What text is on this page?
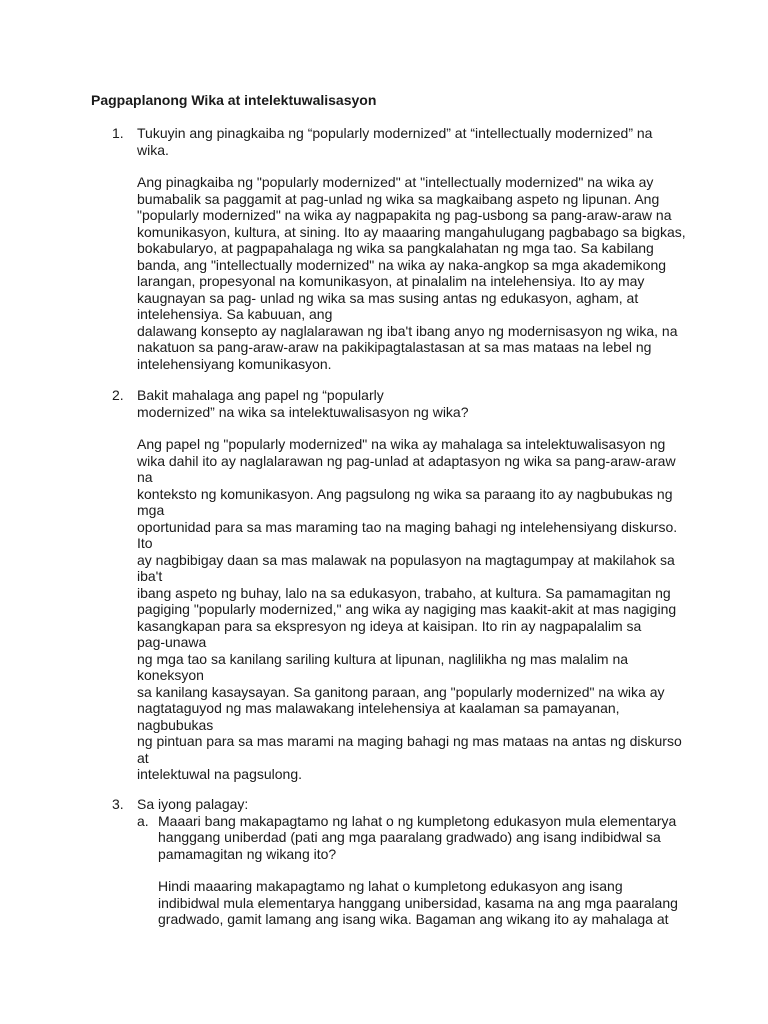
Pagpaplanong Wika at intelektuwalisasyon
1. Tukuyin ang pinagkaiba ng “popularly modernized” at “intellectually modernized” na
wika.
Ang pinagkaiba ng "popularly modernized" at "intellectually modernized" na wika ay
bumabalik sa paggamit at pag-unlad ng wika sa magkaibang aspeto ng lipunan. Ang
"popularly modernized" na wika ay nagpapakita ng pag-usbong sa pang-araw-araw na
komunikasyon, kultura, at sining. Ito ay maaaring mangahulugang pagbabago sa bigkas,
bokabularyo, at pagpapahalaga ng wika sa pangkalahatan ng mga tao. Sa kabilang
banda, ang "intellectually modernized" na wika ay naka-angkop sa mga akademikong
larangan, propesyonal na komunikasyon, at pinalalim na intelehensiya. Ito ay may
kaugnayan sa pag- unlad ng wika sa mas susing antas ng edukasyon, agham, at
intelehensiya. Sa kabuuan, ang
dalawang konsepto ay naglalarawan ng iba't ibang anyo ng modernisasyon ng wika, na
nakatuon sa pang-araw-araw na pakikipagtalastasan at sa mas mataas na lebel ng
intelehensiyang komunikasyon.
2. Bakit mahalaga ang papel ng “popularly
modernized” na wika sa intelektuwalisasyon ng wika?
Ang papel ng "popularly modernized" na wika ay mahalaga sa intelektuwalisasyon ng
wika dahil ito ay naglalarawan ng pag-unlad at adaptasyon ng wika sa pang-araw-araw
na
konteksto ng komunikasyon. Ang pagsulong ng wika sa paraang ito ay nagbubukas ng
mga
oportunidad para sa mas maraming tao na maging bahagi ng intelehensiyang diskurso.
Ito
ay nagbibigay daan sa mas malawak na populasyon na magtagumpay at makilahok sa
iba't
ibang aspeto ng buhay, lalo na sa edukasyon, trabaho, at kultura. Sa pamamagitan ng
pagiging "popularly modernized," ang wika ay nagiging mas kaakit-akit at mas nagiging
kasangkapan para sa ekspresyon ng ideya at kaisipan. Ito rin ay nagpapalalim sa
pag-unawa
ng mga tao sa kanilang sariling kultura at lipunan, naglilikha ng mas malalim na
koneksyon
sa kanilang kasaysayan. Sa ganitong paraan, ang "popularly modernized" na wika ay
nagtataguyod ng mas malawakang intelehensiya at kaalaman sa pamayanan,
nagbubukas
ng pintuan para sa mas marami na maging bahagi ng mas mataas na antas ng diskurso
at
intelektuwal na pagsulong.
3. Sa iyong palagay:
a. Maaari bang makapagtamo ng lahat o ng kumpletong edukasyon mula elementarya
hanggang uniberdad (pati ang mga paaralang gradwado) ang isang indibidwal sa
pamamagitan ng wikang ito?
Hindi maaaring makapagtamo ng lahat o kumpletong edukasyon ang isang
indibidwal mula elementarya hanggang unibersidad, kasama na ang mga paaralang
gradwado, gamit lamang ang isang wika. Bagaman ang wikang ito ay mahalaga at
